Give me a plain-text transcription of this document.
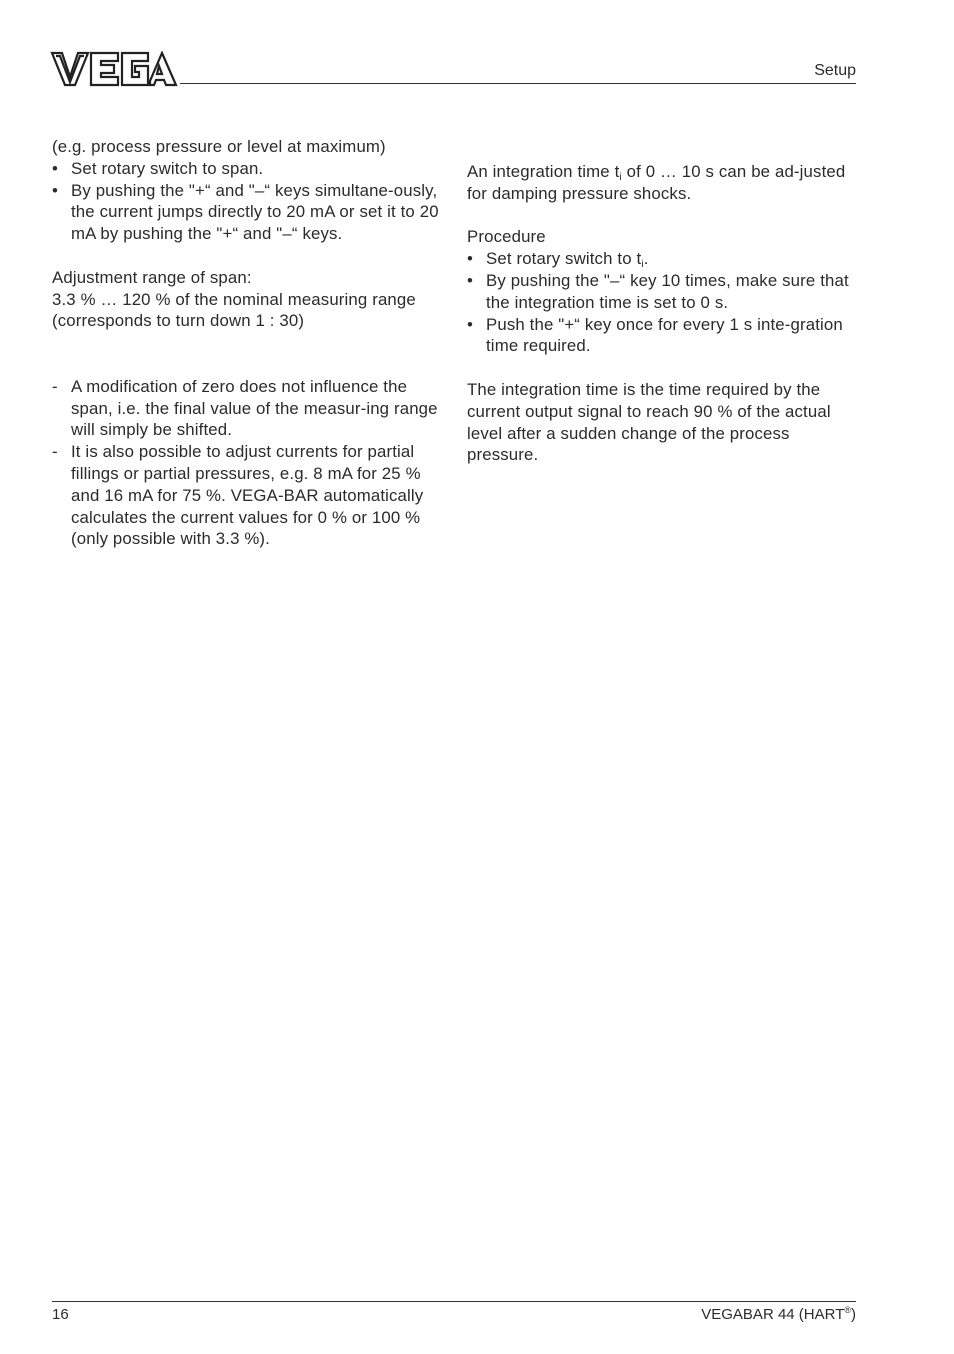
Setup

(e.g. process pressure or level at maximum)

• Set rotary switch to span.
• By pushing the "+“ and "–“ keys simultane-ously, the current jumps directly to 20 mA or set it to 20 mA by pushing the "+“ and "–“ keys.

Adjustment range of span:

3.3 % … 120 % of the nominal measuring range (corresponds to turn down 1 : 30)

- A modification of zero does not influence the span, i.e. the final value of the measur-ing range will simply be shifted.
- It is also possible to adjust currents for partial fillings or partial pressures, e.g. 8 mA for 25 % and 16 mA for 75 %. VEGA-BAR automatically calculates the current values for 0 % or 100 % (only possible with 3.3 %).

An integration time $t_i$ of 0 … 10 s can be ad-justed for damping pressure shocks.

Procedure

• Set rotary switch to $t_i$.
• By pushing the "–“ key 10 times, make sure that the integration time is set to 0 s.
• Push the "+“ key once for every 1 s inte-gration time required.

The integration time is the time required by the current output signal to reach 90 % of the actual level after a sudden change of the process pressure.

16	VEGABAR 44 (HART®)
